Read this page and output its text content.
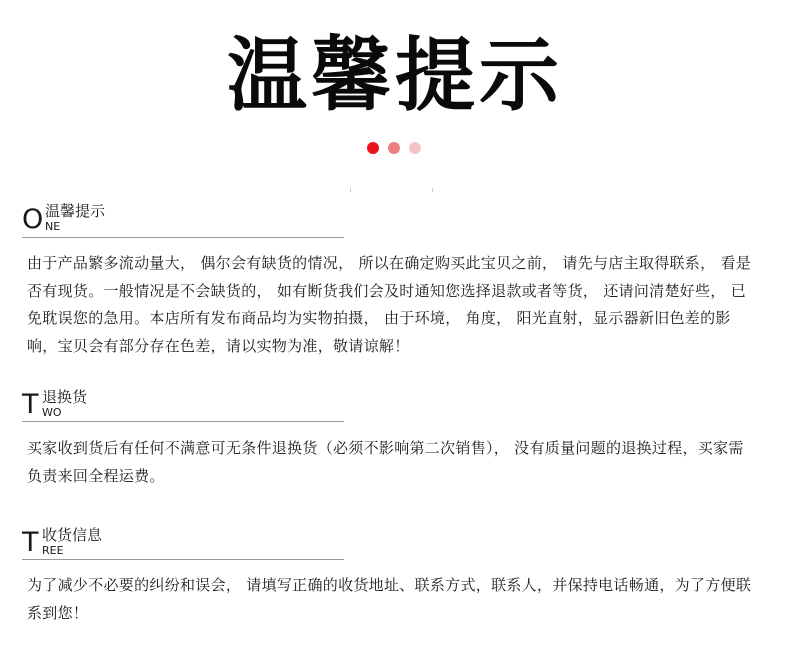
温馨提示
O 温馨提示
NE
由于产品繁多流动量大， 偶尔会有缺货的情况， 所以在确定购买此宝贝之前， 请先与店主取得联系， 看是否有现货。一般情况是不会缺货的， 如有断货我们会及时通知您选择退款或者等货， 还请问清楚好些， 已免耽误您的急用。本店所有发布商品均为实物拍摄， 由于环境， 角度， 阳光直射，显示器新旧色差的影响，宝贝会有部分存在色差，请以实物为准，敬请谅解！
T 退换货
WO
买家收到货后有任何不满意可无条件退换货（必须不影响第二次销售）， 没有质量问题的退换过程，买家需负责来回全程运费。
T 收货信息
REE
为了减少不必要的纠纷和误会， 请填写正确的收货地址、联系方式，联系人，并保持电话畅通，为了方便联系到您！
